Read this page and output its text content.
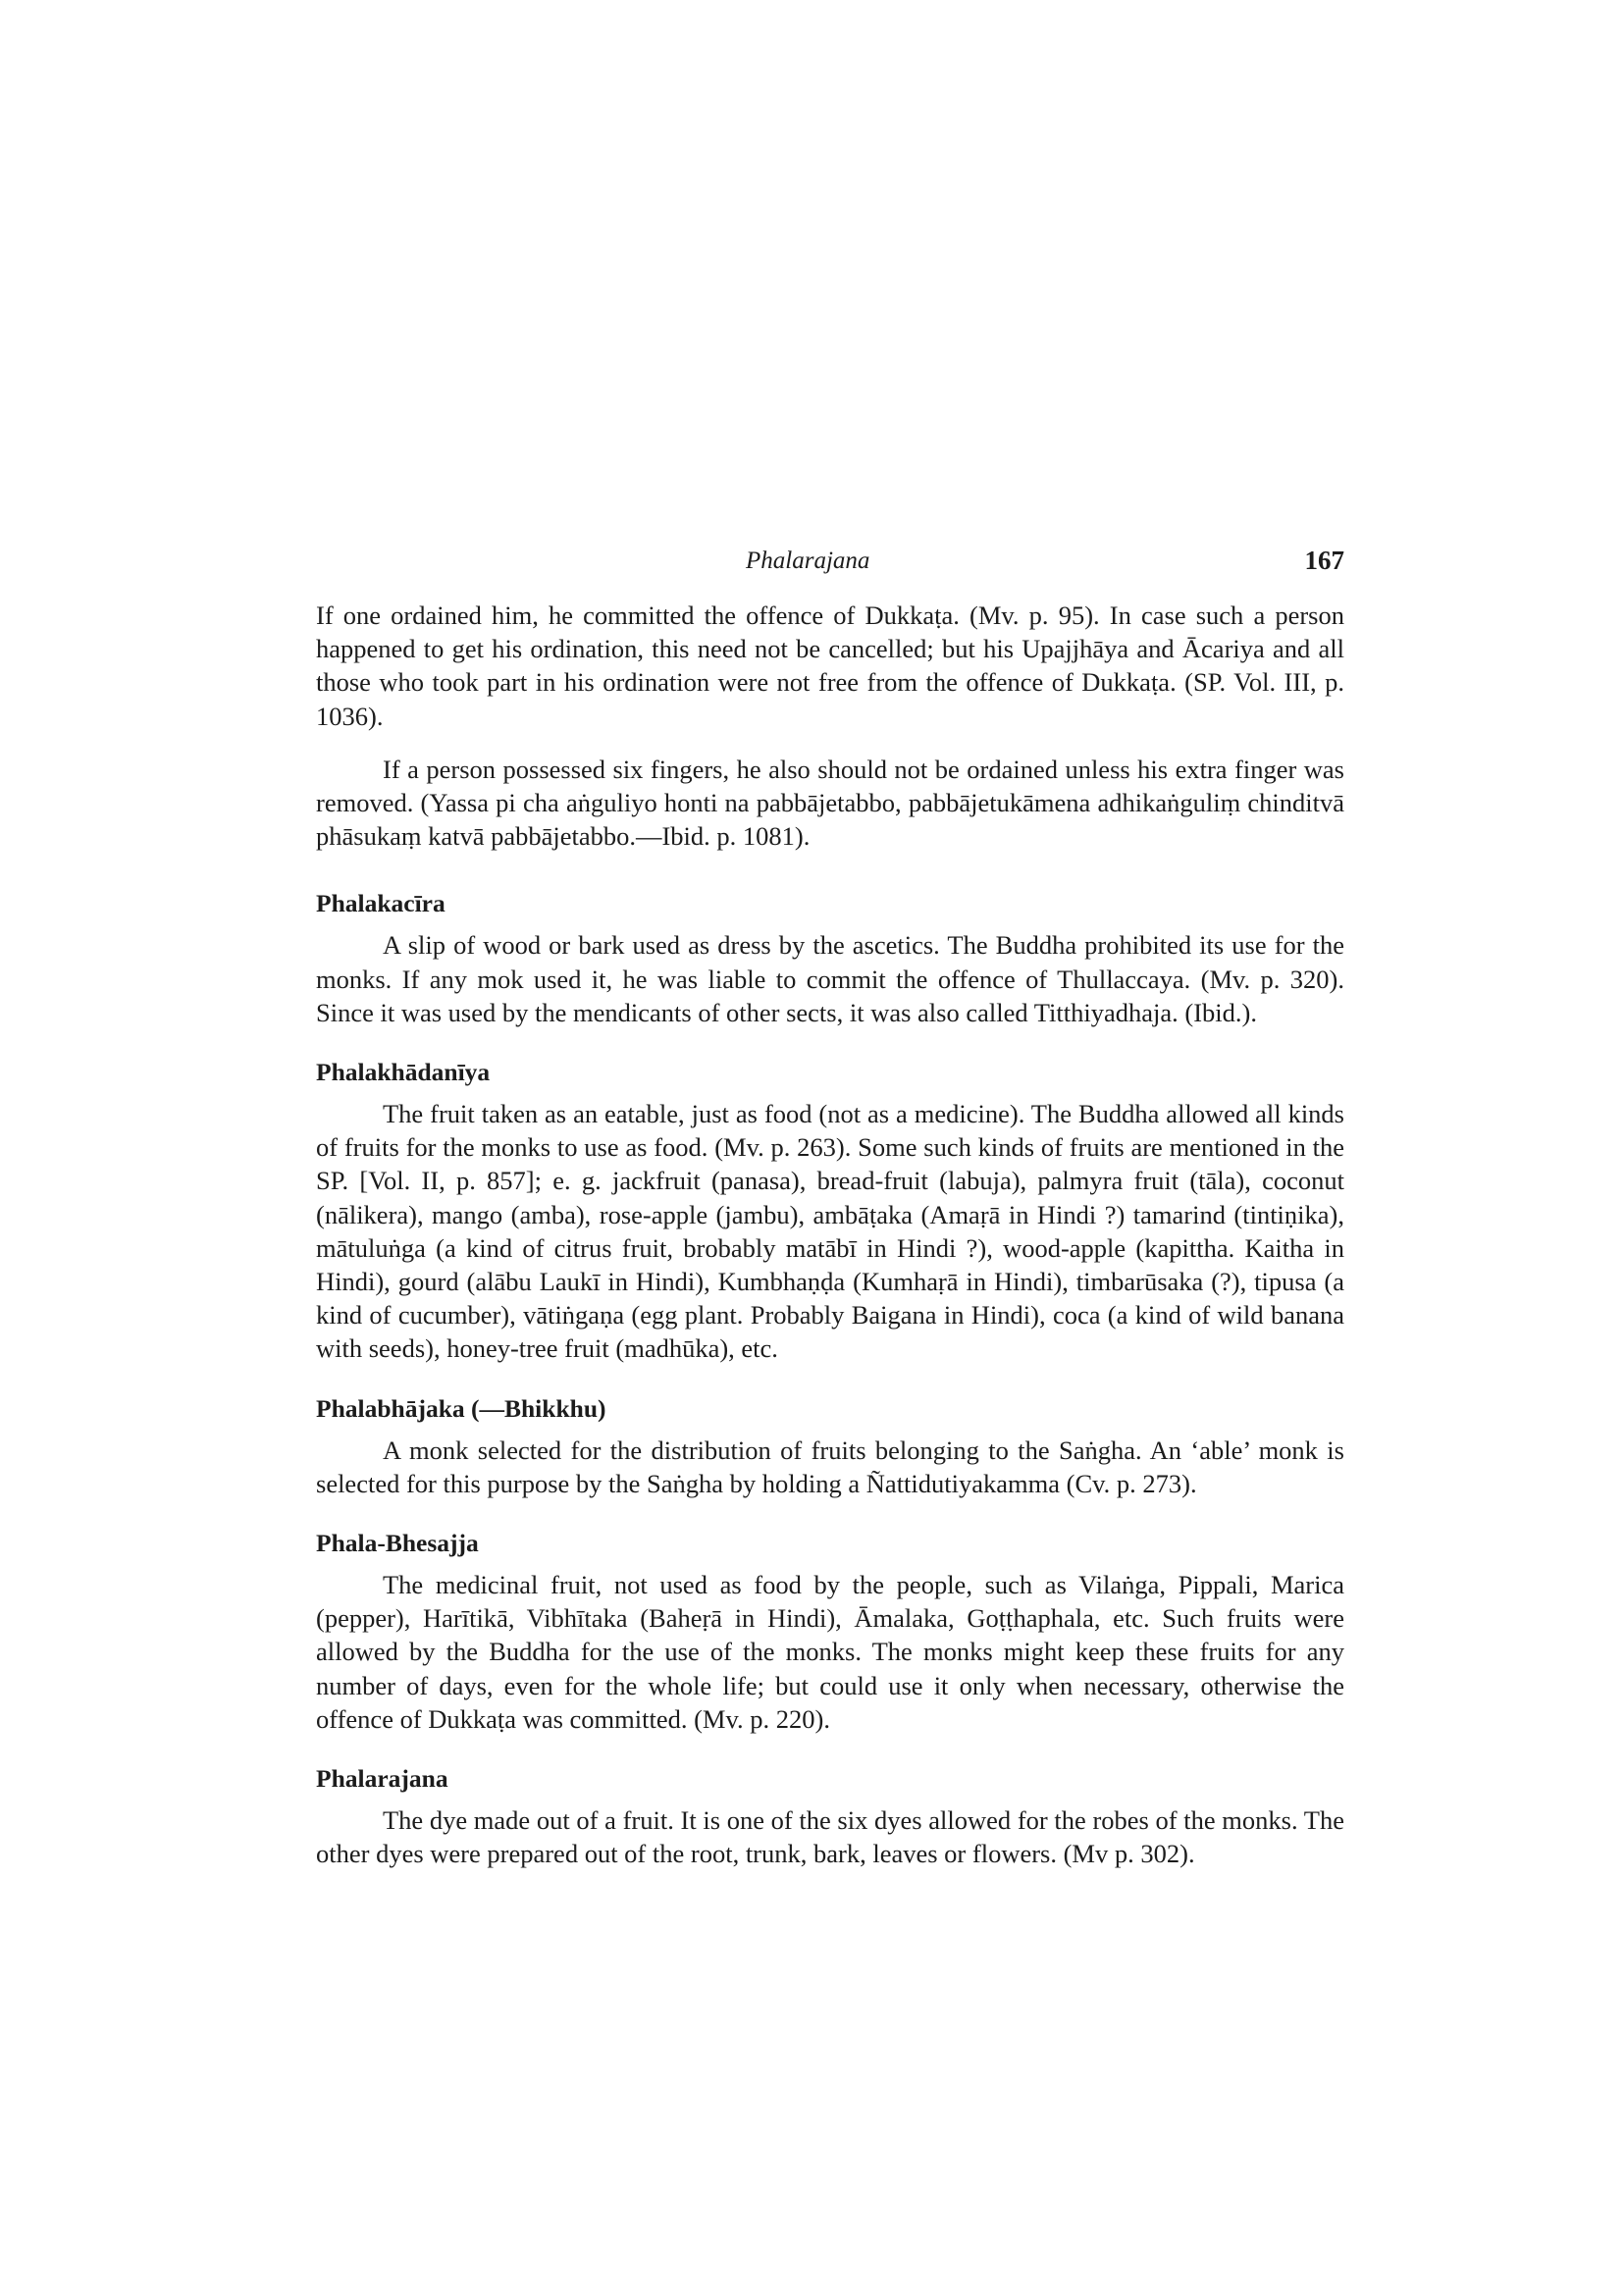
Phalarajana	167

If one ordained him, he committed the offence of Dukkaṭa. (Mv. p. 95). In case such a person happened to get his ordination, this need not be cancelled; but his Upajjhāya and Ācariya and all those who took part in his ordination were not free from the offence of Dukkaṭa. (SP. Vol. III, p. 1036).

If a person possessed six fingers, he also should not be ordained unless his extra finger was removed. (Yassa pi cha aṅguliyo honti na pabbājetabbo, pabbājetukāmena adhikaṅguliṃ chinditvā phāsukaṃ katvā pabbājetabbo.—Ibid. p. 1081).

Phalakacīra

A slip of wood or bark used as dress by the ascetics. The Buddha prohibited its use for the monks. If any mok used it, he was liable to commit the offence of Thullaccaya. (Mv. p. 320). Since it was used by the mendicants of other sects, it was also called Titthiyadhaja. (Ibid.).

Phalakhādanīya

The fruit taken as an eatable, just as food (not as a medicine). The Buddha allowed all kinds of fruits for the monks to use as food. (Mv. p. 263). Some such kinds of fruits are mentioned in the SP. [Vol. II, p. 857]; e. g. jackfruit (panasa), bread-fruit (labuja), palmyra fruit (tāla), coconut (nālikera), mango (amba), rose-apple (jambu), ambāṭaka (Amaṛā in Hindi ?) tamarind (tintiṇika), mātuluṅga (a kind of citrus fruit, brobably matābī in Hindi ?), wood-apple (kapittha. Kaitha in Hindi), gourd (alābu Laukī in Hindi), Kumbhaṇḍa (Kumhaṛā in Hindi), timbarūsaka (?), tipusa (a kind of cucumber), vātiṅgaṇa (egg plant. Probably Baigana in Hindi), coca (a kind of wild banana with seeds), honey-tree fruit (madhūka), etc.

Phalabhājaka (—Bhikkhu)

A monk selected for the distribution of fruits belonging to the Saṅgha. An ‘able’ monk is selected for this purpose by the Saṅgha by holding a Ñattidutiyakamma (Cv. p. 273).

Phala-Bhesajja

The medicinal fruit, not used as food by the people, such as Vilaṅga, Pippali, Marica (pepper), Harītikā, Vibhītaka (Baheṛā in Hindi), Āmalaka, Goṭṭhaphala, etc. Such fruits were allowed by the Buddha for the use of the monks. The monks might keep these fruits for any number of days, even for the whole life; but could use it only when necessary, otherwise the offence of Dukkaṭa was committed. (Mv. p. 220).

Phalarajana

The dye made out of a fruit. It is one of the six dyes allowed for the robes of the monks. The other dyes were prepared out of the root, trunk, bark, leaves or flowers. (Mv p. 302).
